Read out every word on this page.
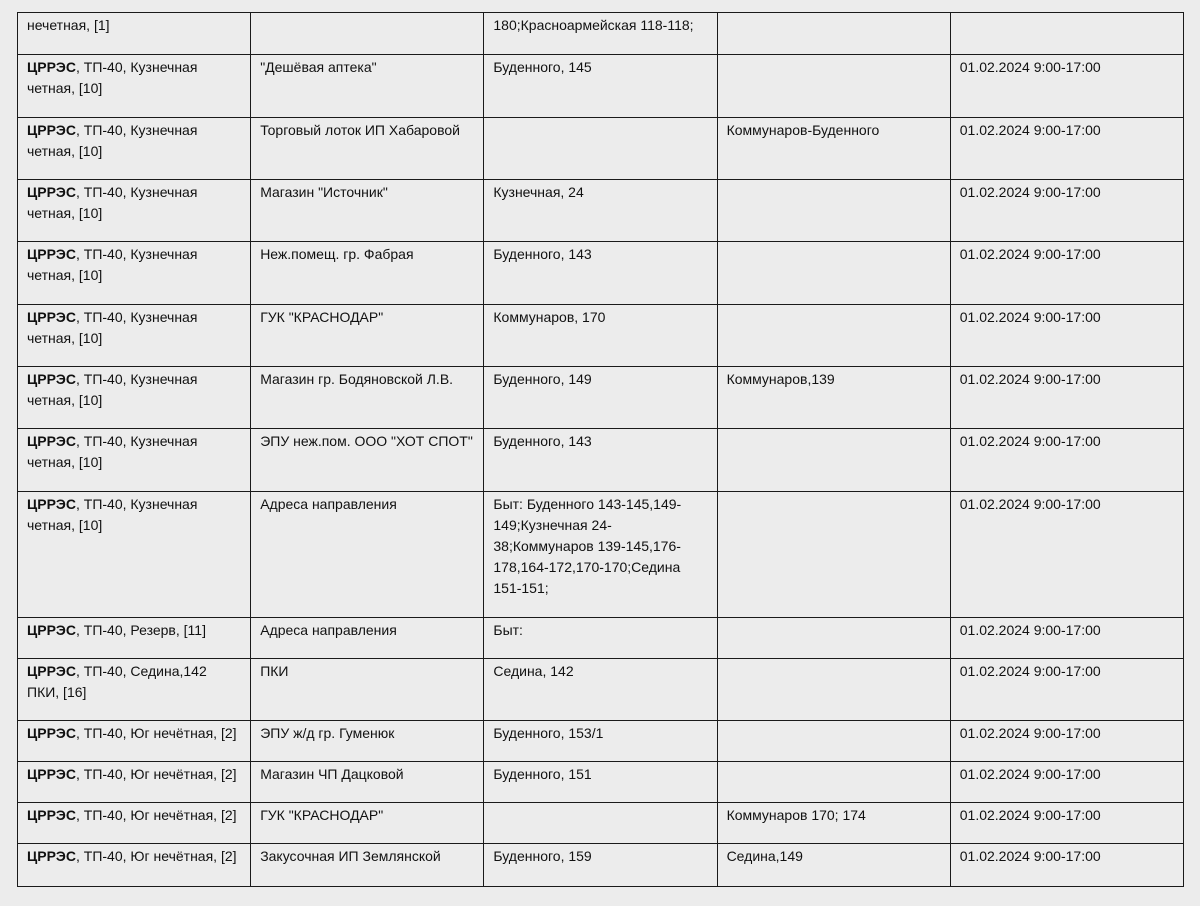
нечетная, [1]		180;Красноармейская 118-118;		
ЦРРЭС, ТП-40, Кузнечная четная, [10]	"Дешёвая аптека"	Буденного, 145		01.02.2024 9:00-17:00
ЦРРЭС, ТП-40, Кузнечная четная, [10]	Торговый лоток ИП Хабаровой		Коммунаров-Буденного	01.02.2024 9:00-17:00
ЦРРЭС, ТП-40, Кузнечная четная, [10]	Магазин "Источник"	Кузнечная, 24		01.02.2024 9:00-17:00
ЦРРЭС, ТП-40, Кузнечная четная, [10]	Неж.помещ. гр. Фабрая	Буденного, 143		01.02.2024 9:00-17:00
ЦРРЭС, ТП-40, Кузнечная четная, [10]	ГУК "КРАСНОДАР"	Коммунаров, 170		01.02.2024 9:00-17:00
ЦРРЭС, ТП-40, Кузнечная четная, [10]	Магазин гр. Бодяновской Л.В.	Буденного, 149	Коммунаров,139	01.02.2024 9:00-17:00
ЦРРЭС, ТП-40, Кузнечная четная, [10]	ЭПУ неж.пом. ООО "ХОТ СПОТ"	Буденного, 143		01.02.2024 9:00-17:00
ЦРРЭС, ТП-40, Кузнечная четная, [10]	Адреса направления	Быт: Буденного 143-145,149-149;Кузнечная 24-38;Коммунаров 139-145,176-178,164-172,170-170;Седина 151-151;		01.02.2024 9:00-17:00
ЦРРЭС, ТП-40, Резерв, [11]	Адреса направления	Быт:		01.02.2024 9:00-17:00
ЦРРЭС, ТП-40, Седина,142 ПКИ, [16]	ПКИ	Седина, 142		01.02.2024 9:00-17:00
ЦРРЭС, ТП-40, Юг нечётная, [2]	ЭПУ ж/д гр. Гуменюк	Буденного, 153/1		01.02.2024 9:00-17:00
ЦРРЭС, ТП-40, Юг нечётная, [2]	Магазин ЧП Дацковой	Буденного, 151		01.02.2024 9:00-17:00
ЦРРЭС, ТП-40, Юг нечётная, [2]	ГУК "КРАСНОДАР"		Коммунаров 170; 174	01.02.2024 9:00-17:00
ЦРРЭС, ТП-40, Юг нечётная, [2]	Закусочная ИП Землянской	Буденного, 159	Седина,149	01.02.2024 9:00-17:00
